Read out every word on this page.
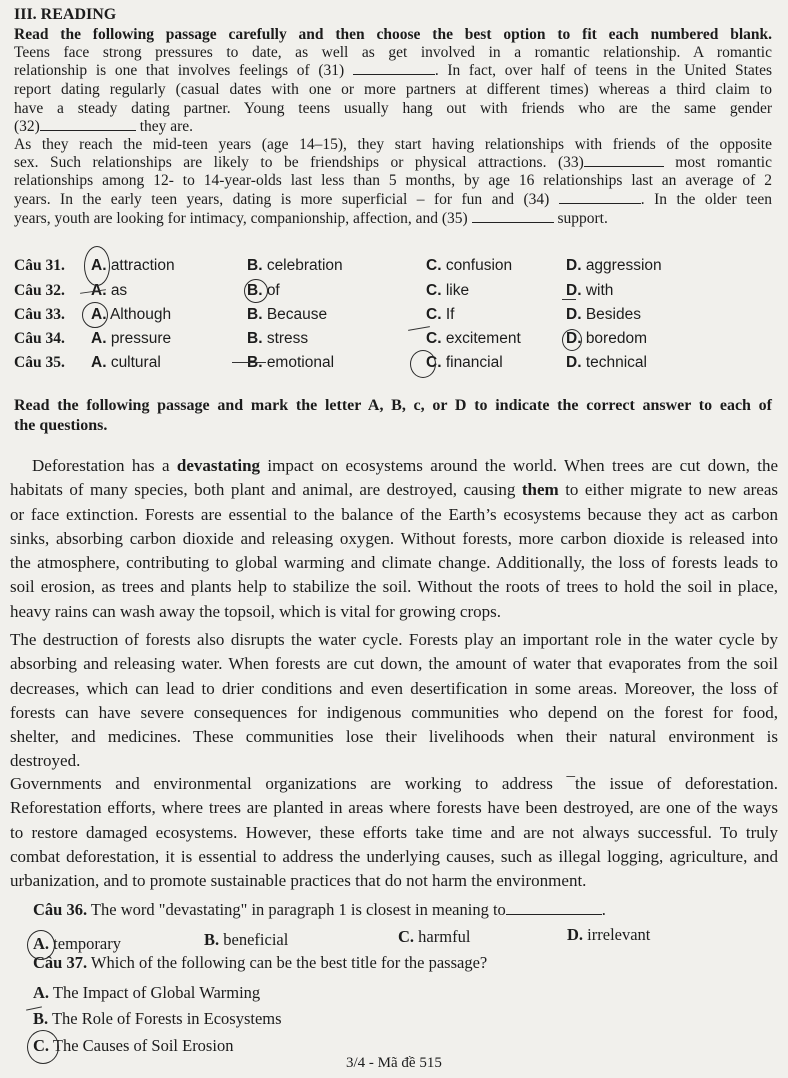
III. READING
Read the following passage carefully and then choose the best option to fit each numbered blank.
Teens face strong pressures to date, as well as get involved in a romantic relationship. A romantic
relationship is one that involves feelings of (31)	. In fact, over half of teens in the United States
report dating regularly (casual dates with one or more partners at different times) whereas a third claim to
have a steady dating partner. Young teens usually hang out with friends who are the same gender
(32)	they are.
As they reach the mid-teen years (age 14–15), they start having relationships with friends of the opposite
sex. Such relationships are likely to be friendships or physical attractions. (33)	most romantic
relationships among 12- to 14-year-olds last less than 5 months, by age 16 relationships last an average of 2
years. In the early teen years, dating is more superficial – for fun and (34)	. In the older teen
years, youth are looking for intimacy, companionship, affection, and (35)	support.
Câu 31. A. attraction	B. celebration	C. confusion	D. aggression
Câu 32. A. as	B. of	C. like	D. with
Câu 33. A. Although	B. Because	C. If	D. Besides
Câu 34. A. pressure	B. stress	C. excitement	D. boredom
Câu 35. A. cultural	B. emotional	C. financial	D. technical
Read the following passage and mark the letter A, B, c, or D to indicate the correct answer to each of
the questions.
Deforestation has a devastating impact on ecosystems around the world. When trees are cut down, the
habitats of many species, both plant and animal, are destroyed, causing them to either migrate to new areas
or face extinction. Forests are essential to the balance of the Earth’s ecosystems because they act as carbon
sinks, absorbing carbon dioxide and releasing oxygen. Without forests, more carbon dioxide is released into
the atmosphere, contributing to global warming and climate change. Additionally, the loss of forests leads to
soil erosion, as trees and plants help to stabilize the soil. Without the roots of trees to hold the soil in place,
heavy rains can wash away the topsoil, which is vital for growing crops.
The destruction of forests also disrupts the water cycle. Forests play an important role in the water cycle by
absorbing and releasing water. When forests are cut down, the amount of water that evaporates from the soil
decreases, which can lead to drier conditions and even desertification in some areas. Moreover, the loss of
forests can have severe consequences for indigenous communities who depend on the forest for food,
shelter, and medicines. These communities lose their livelihoods when their natural environment is
destroyed.
Governments and environmental organizations are working to address ¯the issue of deforestation.
Reforestation efforts, where trees are planted in areas where forests have been destroyed, are one of the ways
to restore damaged ecosystems. However, these efforts take time and are not always successful. To truly
combat deforestation, it is essential to address the underlying causes, such as illegal logging, agriculture, and
urbanization, and to promote sustainable practices that do not harm the environment.
Câu 36. The word "devastating" in paragraph 1 is closest in meaning to	.
A. temporary	B. beneficial	C. harmful	D. irrelevant
Câu 37. Which of the following can be the best title for the passage?
A. The Impact of Global Warming
B. The Role of Forests in Ecosystems
C. The Causes of Soil Erosion
3/4 - Mã đề 515
